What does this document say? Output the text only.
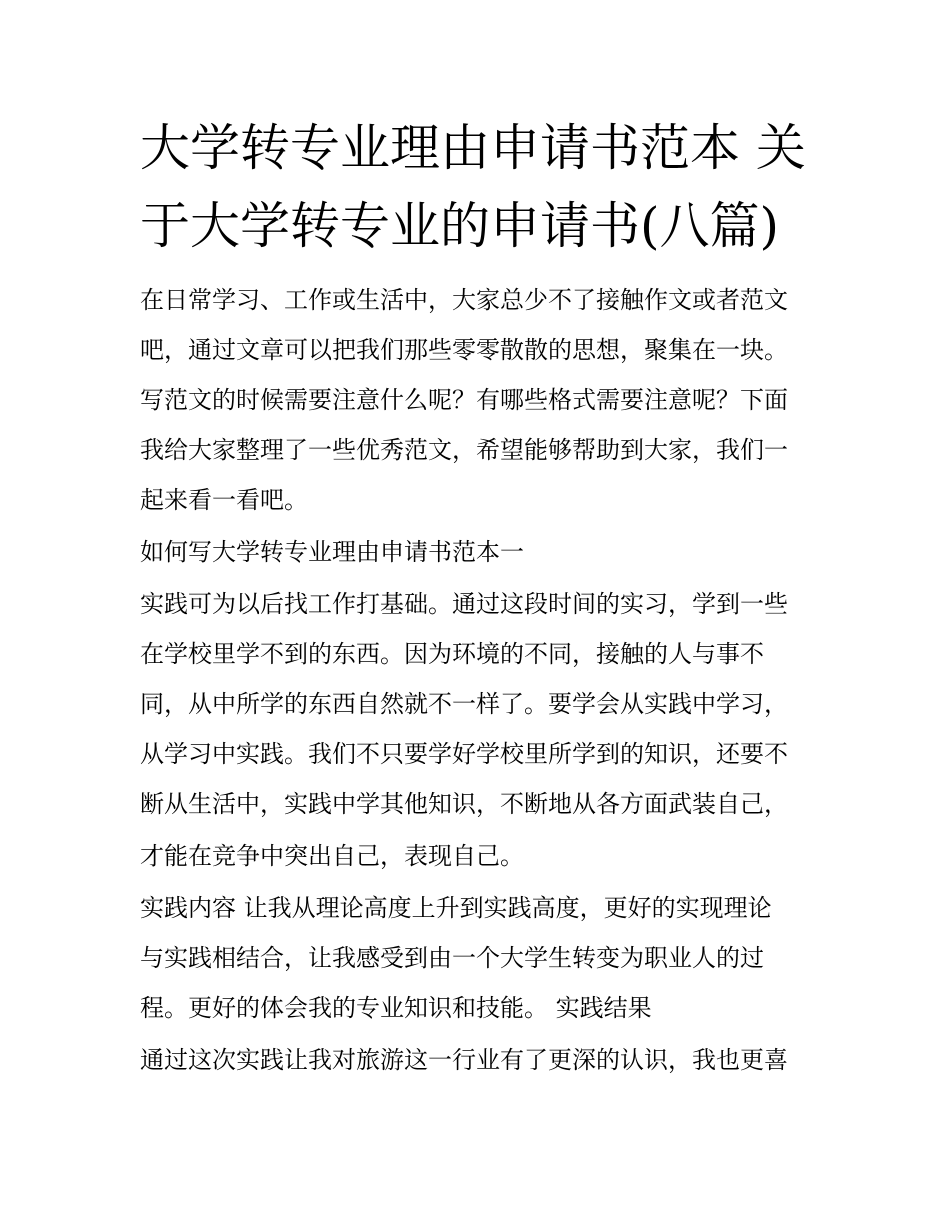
大学转专业理由申请书范本 关
于大学转专业的申请书(八篇)
在日常学习、工作或生活中，大家总少不了接触作文或者范文
吧，通过文章可以把我们那些零零散散的思想，聚集在一块。
写范文的时候需要注意什么呢？有哪些格式需要注意呢？下面
我给大家整理了一些优秀范文，希望能够帮助到大家，我们一
起来看一看吧。
如何写大学转专业理由申请书范本一
实践可为以后找工作打基础。通过这段时间的实习，学到一些
在学校里学不到的东西。因为环境的不同，接触的人与事不
同，从中所学的东西自然就不一样了。要学会从实践中学习，
从学习中实践。我们不只要学好学校里所学到的知识，还要不
断从生活中，实践中学其他知识，不断地从各方面武装自己，
才能在竞争中突出自己，表现自己。
实践内容 让我从理论高度上升到实践高度，更好的实现理论
与实践相结合，让我感受到由一个大学生转变为职业人的过
程。更好的体会我的专业知识和技能。 实践结果
通过这次实践让我对旅游这一行业有了更深的认识，我也更喜
